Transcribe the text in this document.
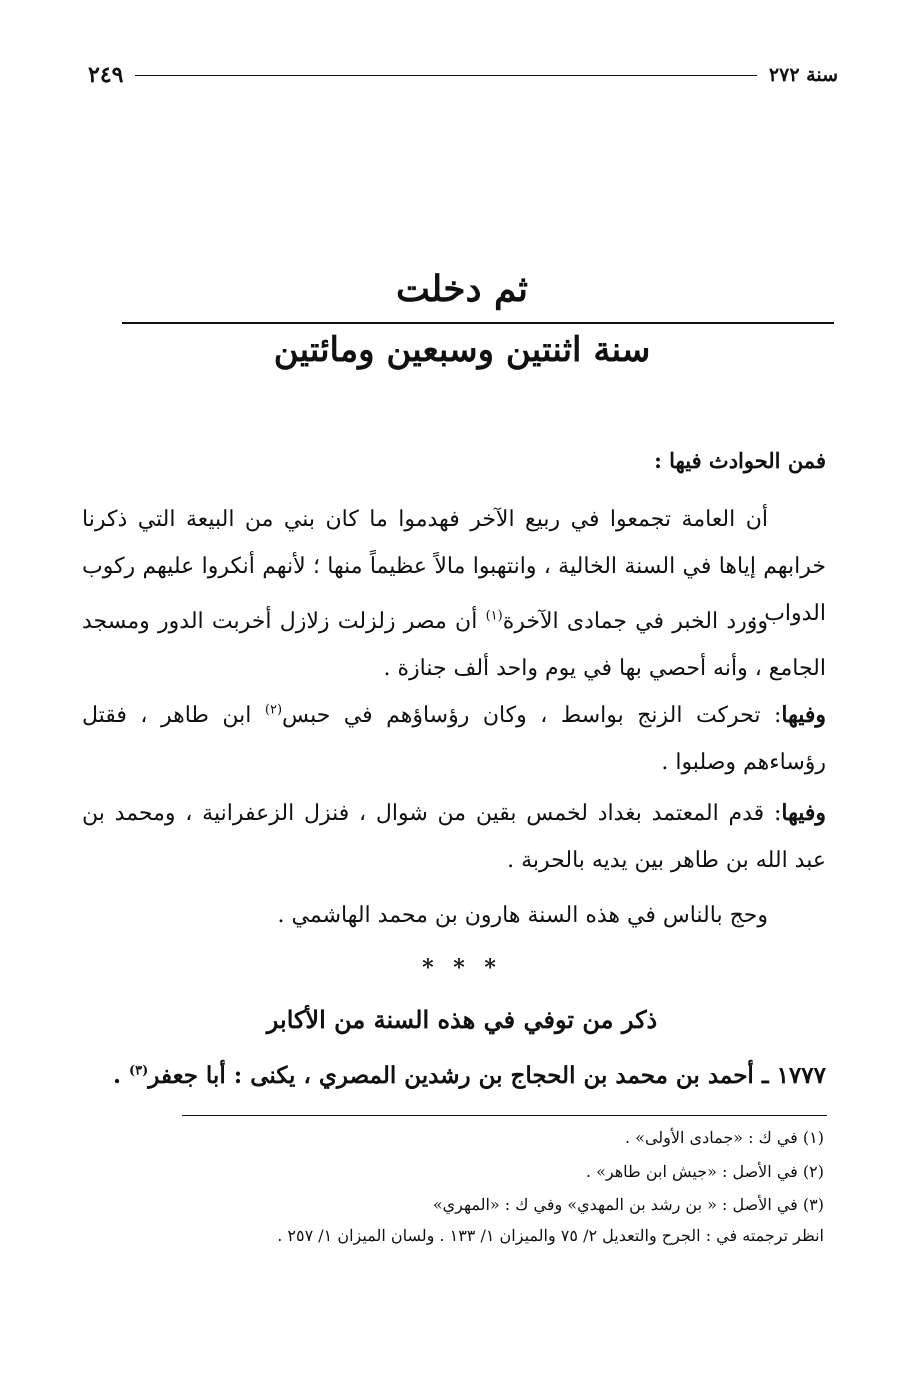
سنة ٢٧٢
٢٤٩
ثم دخلت
سنة اثنتين وسبعين ومائتين
فمن الحوادث فيها :
أن العامة تجمعوا في ربيع الآخر فهدموا ما كان بني من البيعة التي ذكرنا خرابهم إياها في السنة الخالية ، وانتهبوا مالاً عظيماً منها ؛ لأنهم أنكروا عليهم ركوب الدواب .
وورد الخبر في جمادى الآخرة$^{(١)}$ أن مصر زلزلت زلازل أخربت الدور ومسجد الجامع ، وأنه أحصي بها في يوم واحد ألف جنازة .
وفيها: تحركت الزنج بواسط ، وكان رؤساؤهم في حبس$^{(٢)}$ ابن طاهر ، فقتل رؤساءهم وصلبوا .
وفيها: قدم المعتمد بغداد لخمس بقين من شوال ، فنزل الزعفرانية ، ومحمد بن عبد الله بن طاهر بين يديه بالحربة .
وحج بالناس في هذه السنة هارون بن محمد الهاشمي .
* * *
ذكر من توفي في هذه السنة من الأكابر
١٧٧٧ ـ أحمد بن محمد بن الحجاج بن رشدين المصري ، يكنى : أبا جعفر$^{(٣)}$ .
(١) في ك : «جمادى الأولى» .
(٢) في الأصل : «جيش ابن طاهر» .
(٣) في الأصل : « بن رشد بن المهدي» وفي ك : «المهري»
انظر ترجمته في : الجرح والتعديل ٢/ ٧٥ والميزان ١/ ١٣٣ . ولسان الميزان ١/ ٢٥٧ .
